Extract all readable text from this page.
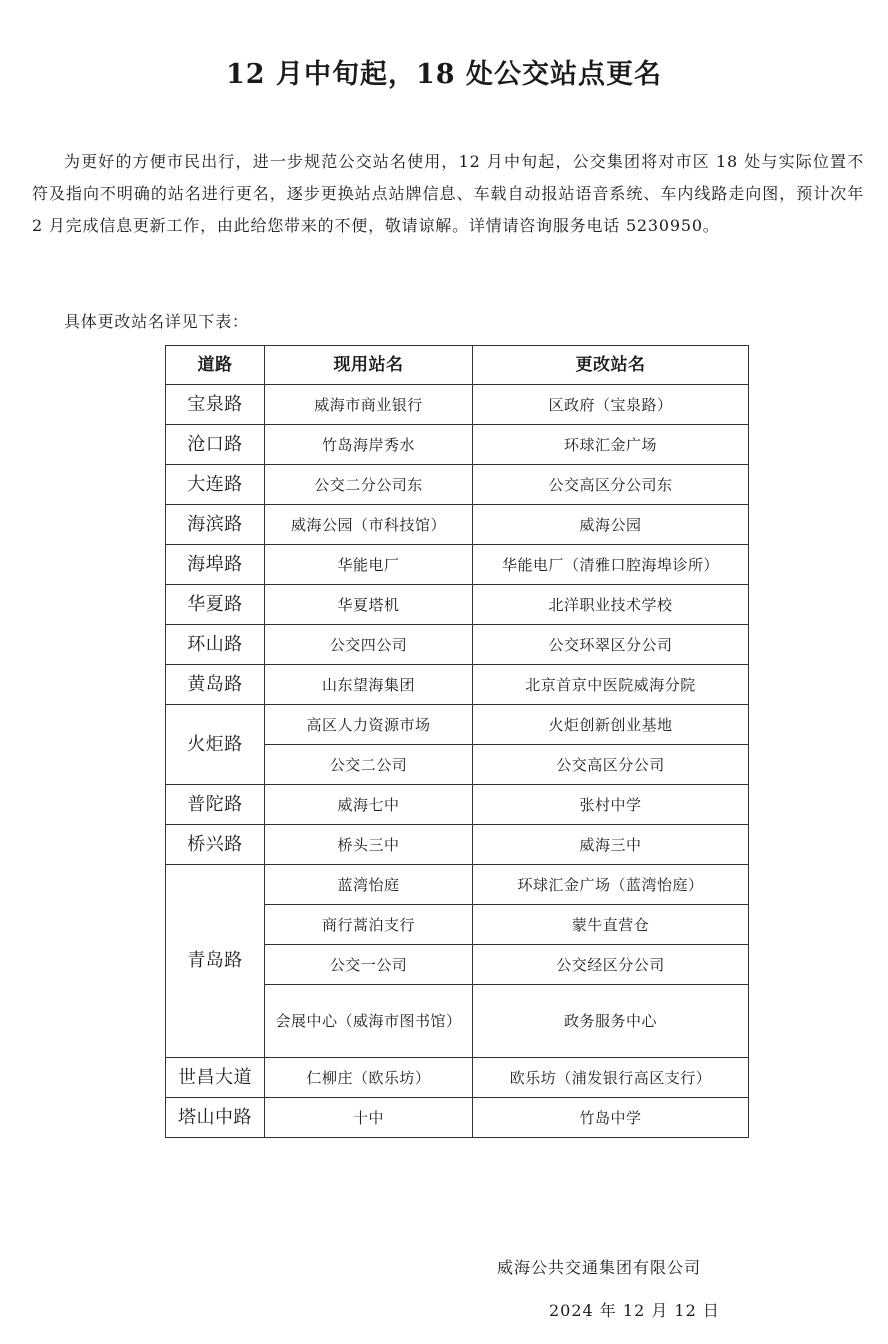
12 月中旬起，18 处公交站点更名

为更好的方便市民出行，进一步规范公交站名使用，12 月中旬起，公交集团将对市区 18 处与实际位置不符及指向不明确的站名进行更名，逐步更换站点站牌信息、车载自动报站语音系统、车内线路走向图，预计次年 2 月完成信息更新工作，由此给您带来的不便，敬请谅解。详情请咨询服务电话 5230950。

具体更改站名详见下表：

道路	现用站名	更改站名
宝泉路	威海市商业银行	区政府（宝泉路）
沧口路	竹岛海岸秀水	环球汇金广场
大连路	公交二分公司东	公交高区分公司东
海滨路	威海公园（市科技馆）	威海公园
海埠路	华能电厂	华能电厂（清雅口腔海埠诊所）
华夏路	华夏塔机	北洋职业技术学校
环山路	公交四公司	公交环翠区分公司
黄岛路	山东望海集团	北京首京中医院威海分院
火炬路	高区人力资源市场	火炬创新创业基地
	公交二公司	公交高区分公司
普陀路	威海七中	张村中学
桥兴路	桥头三中	威海三中
青岛路	蓝湾怡庭	环球汇金广场（蓝湾怡庭）
	商行蒿泊支行	蒙牛直营仓
	公交一公司	公交经区分公司
	会展中心（威海市图书馆）	政务服务中心
世昌大道	仁柳庄（欧乐坊）	欧乐坊（浦发银行高区支行）
塔山中路	十中	竹岛中学
威海公共交通集团有限公司
2024 年 12 月 12 日
